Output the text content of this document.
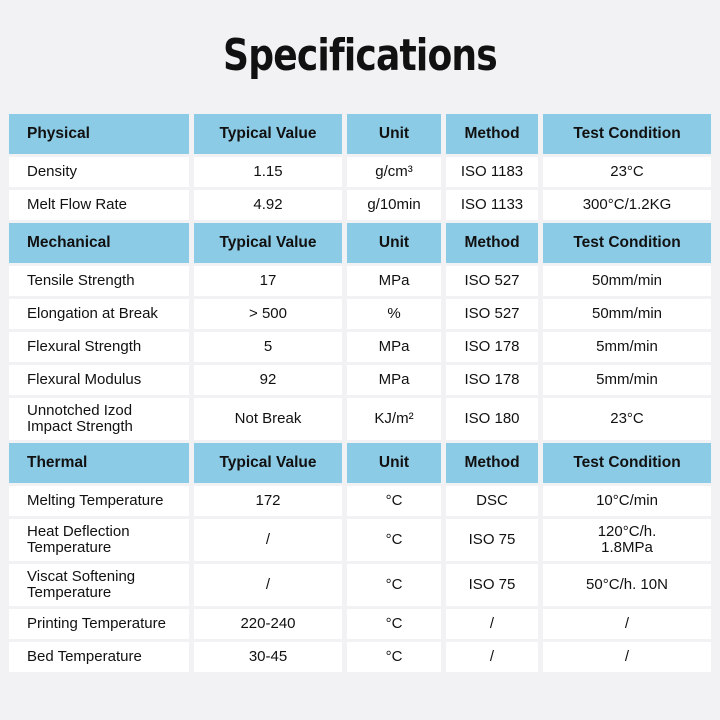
Specifications
Physical	Typical Value	Unit	Method	Test Condition
Density	1.15	g/cm³	ISO 1183	23°C
Melt Flow Rate	4.92	g/10min	ISO 1133	300°C/1.2KG
Mechanical	Typical Value	Unit	Method	Test Condition
Tensile Strength	17	MPa	ISO 527	50mm/min
Elongation at Break	> 500	%	ISO 527	50mm/min
Flexural Strength	5	MPa	ISO 178	5mm/min
Flexural Modulus	92	MPa	ISO 178	5mm/min
Unnotched Izod
Impact Strength	Not Break	KJ/m²	ISO 180	23°C
Thermal	Typical Value	Unit	Method	Test Condition
Melting Temperature	172	°C	DSC	10°C/min
Heat Deflection
Temperature	/	°C	ISO 75	120°C/h.
1.8MPa
Viscat Softening
Temperature	/	°C	ISO 75	50°C/h. 10N
Printing Temperature	220-240	°C	/	/
Bed Temperature	30-45	°C	/	/
